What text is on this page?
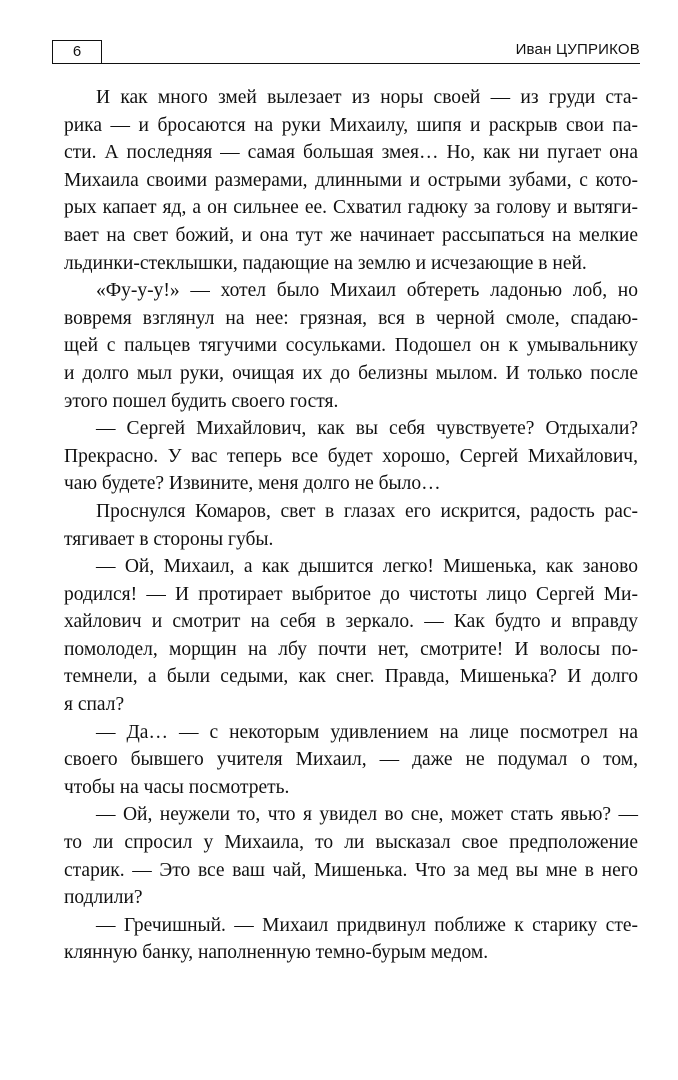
6	Иван ЦУПРИКОВ
И как много змей вылезает из норы своей — из груди ста-
рика — и бросаются на руки Михаилу, шипя и раскрыв свои па-
сти. А последняя — самая большая змея… Но, как ни пугает она
Михаила своими размерами, длинными и острыми зубами, с кото-
рых капает яд, а он сильнее ее. Схватил гадюку за голову и вытяги-
вает на свет божий, и она тут же начинает рассыпаться на мелкие
льдинки-стеклышки, падающие на землю и исчезающие в ней.
«Фу-у-у!» — хотел было Михаил обтереть ладонью лоб, но
вовремя взглянул на нее: грязная, вся в черной смоле, спадаю-
щей с пальцев тягучими сосульками. Подошел он к умывальнику
и долго мыл руки, очищая их до белизны мылом. И только после
этого пошел будить своего гостя.
— Сергей Михайлович, как вы себя чувствуете? Отдыхали?
Прекрасно. У вас теперь все будет хорошо, Сергей Михайлович,
чаю будете? Извините, меня долго не было…
Проснулся Комаров, свет в глазах его искрится, радость рас-
тягивает в стороны губы.
— Ой, Михаил, а как дышится легко! Мишенька, как заново
родился! — И протирает выбритое до чистоты лицо Сергей Ми-
хайлович и смотрит на себя в зеркало. — Как будто и вправду
помолодел, морщин на лбу почти нет, смотрите! И волосы по-
темнели, а были седыми, как снег. Правда, Мишенька? И долго
я спал?
— Да… — с некоторым удивлением на лице посмотрел на
своего бывшего учителя Михаил, — даже не подумал о том,
чтобы на часы посмотреть.
— Ой, неужели то, что я увидел во сне, может стать явью? —
то ли спросил у Михаила, то ли высказал свое предположение
старик. — Это все ваш чай, Мишенька. Что за мед вы мне в него
подлили?
— Гречишный. — Михаил придвинул поближе к старику сте-
клянную банку, наполненную темно-бурым медом.
